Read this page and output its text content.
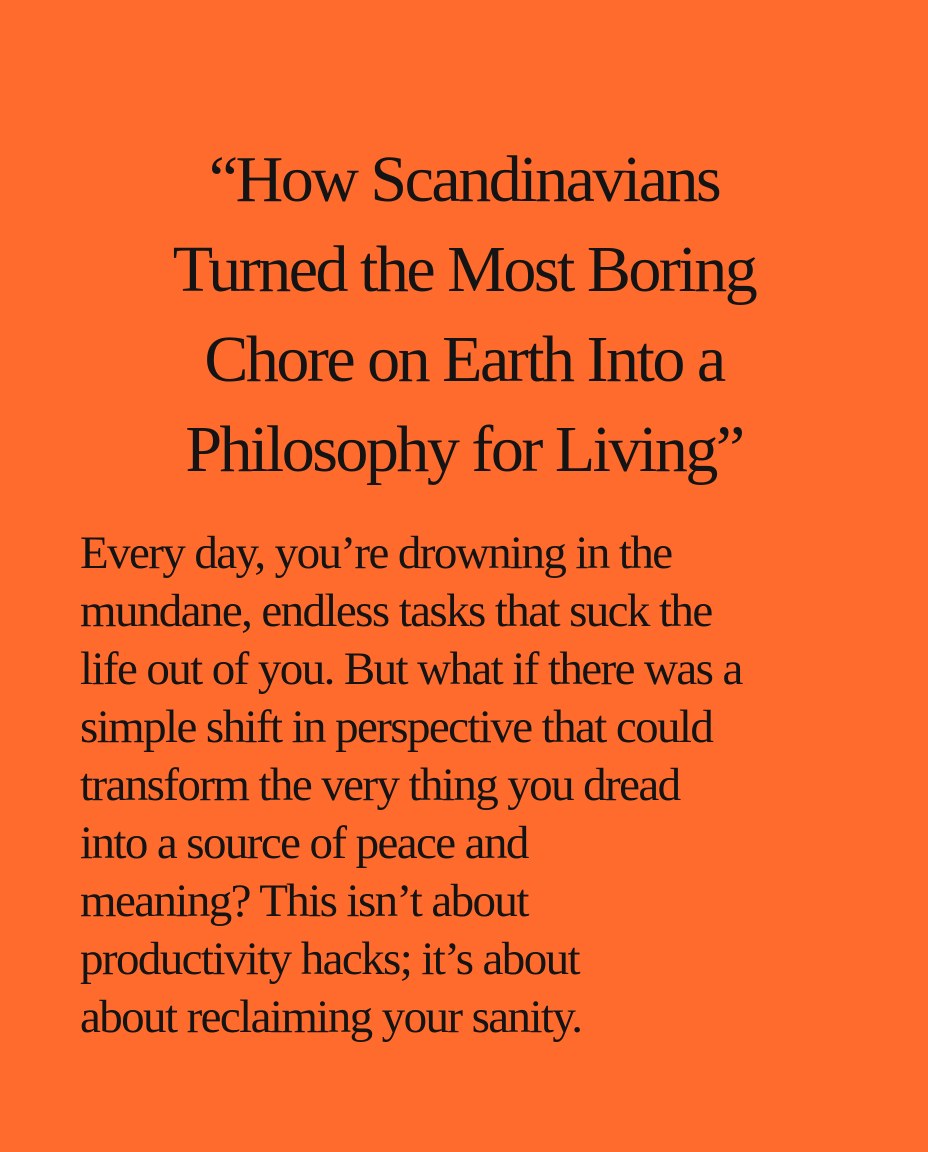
“How Scandinavians
Turned the Most Boring
Chore on Earth Into a
Philosophy for Living”

Every day, you’re drowning in the
mundane, endless tasks that suck the
life out of you. But what if there was a
simple shift in perspective that could
transform the very thing you dread
into a source of peace and
meaning? This isn’t about
productivity hacks; it’s about
about reclaiming your sanity.
